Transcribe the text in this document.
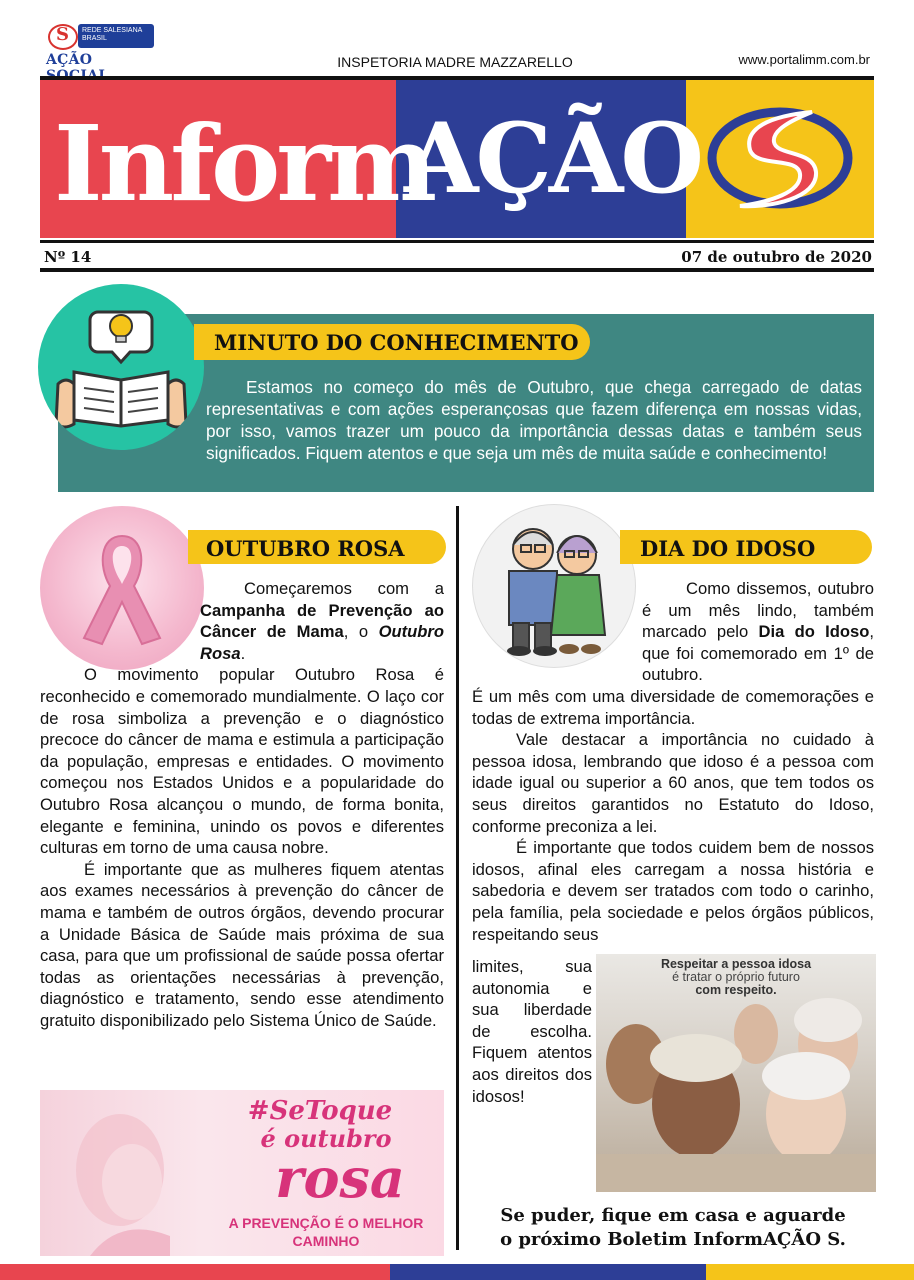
S
REDE SALESIANA BRASIL
AÇÃO	INSPETORIA MADRE MAZZARELLO	www.portalimm.com.br
Inform
AÇÃO
Nº 14	07 de outubro de 2020
MINUTO DO CONHECIMENTO
Estamos no começo do mês de Outubro, que chega carregado de datas representativas e com ações esperançosas que fazem diferença em nossas vidas, por isso, vamos trazer um pouco da importância dessas datas e também seus significados. Fiquem atentos e que seja um mês de muita saúde e conhecimento!
OUTUBRO ROSA
Começaremos com a Campanha de Prevenção ao Câncer de Mama, o Outubro Rosa.
O movimento popular Outubro Rosa é reconhecido e comemorado mundialmente. O laço cor de rosa simboliza a prevenção e o diagnóstico precoce do câncer de mama e estimula a participação da população, empresas e entidades. O movimento começou nos Estados Unidos e a popularidade do Outubro Rosa alcançou o mundo, de forma bonita, elegante e feminina, unindo os povos e diferentes culturas em torno de uma causa nobre.
É importante que as mulheres fiquem atentas aos exames necessários à prevenção do câncer de mama e também de outros órgãos, devendo procurar a Unidade Básica de Saúde mais próxima de sua casa, para que um profissional de saúde possa ofertar todas as orientações necessárias à prevenção, diagnóstico e tratamento, sendo esse atendimento gratuito disponibilizado pelo Sistema Único de Saúde.
#SeToque
é outubro
rosa
A PREVENÇÃO É O MELHOR CAMINHO
DIA DO IDOSO
Como dissemos, outubro é um mês lindo, também marcado pelo Dia do Idoso, que foi comemorado em 1º de outubro.
É um mês com uma diversidade de comemorações e todas de extrema importância.
Vale destacar a importância no cuidado à pessoa idosa, lembrando que idoso é a pessoa com idade igual ou superior a 60 anos, que tem todos os seus direitos garantidos no Estatuto do Idoso, conforme preconiza a lei.
É importante que todos cuidem bem de nossos idosos, afinal eles carregam a nossa história e sabedoria e devem ser tratados com todo o carinho, pela família, pela sociedade e pelos órgãos públicos, respeitando seus
limites, sua autonomia e sua liberdade de escolha. Fiquem atentos aos direitos dos idosos!
Respeitar a pessoa idosa
é tratar o próprio futuro
com respeito.
Se puder, fique em casa e aguarde
o próximo Boletim InformAÇÃO S.
